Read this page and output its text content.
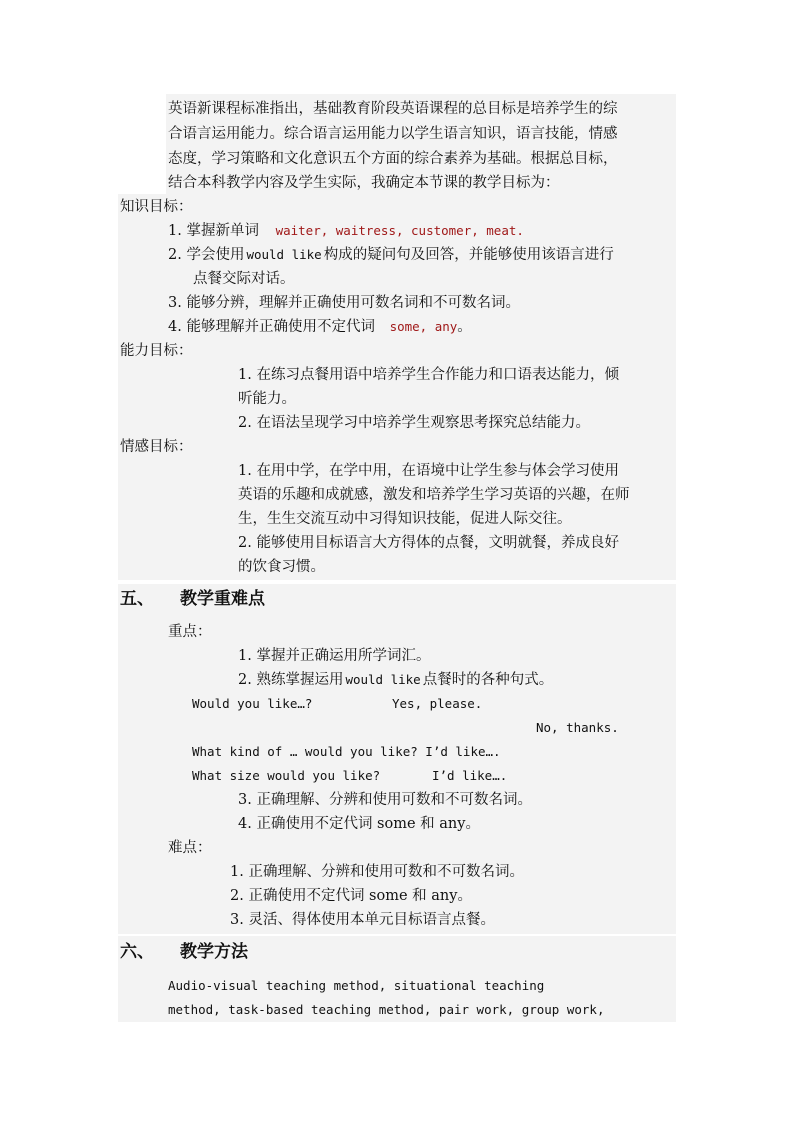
英语新课程标准指出，基础教育阶段英语课程的总目标是培养学生的综
合语言运用能力。综合语言运用能力以学生语言知识，语言技能，情感
态度，学习策略和文化意识五个方面的综合素养为基础。根据总目标，
结合本科教学内容及学生实际，我确定本节课的教学目标为：
知识目标：
1. 掌握新单词 waiter, waitress, customer, meat.
2. 学会使用 would like 构成的疑问句及回答，并能够使用该语言进行
点餐交际对话。
3. 能够分辨，理解并正确使用可数名词和不可数名词。
4. 能够理解并正确使用不定代词 some, any。
能力目标：
1. 在练习点餐用语中培养学生合作能力和口语表达能力，倾
听能力。
2. 在语法呈现学习中培养学生观察思考探究总结能力。
情感目标：
1. 在用中学，在学中用，在语境中让学生参与体会学习使用
英语的乐趣和成就感，激发和培养学生学习英语的兴趣，在师
生，生生交流互动中习得知识技能，促进人际交往。
2. 能够使用目标语言大方得体的点餐，文明就餐，养成良好
的饮食习惯。
五、 教学重难点
重点：
1. 掌握并正确运用所学词汇。
2. 熟练掌握运用 would like 点餐时的各种句式。
Would you like…?	Yes, please.
No, thanks.
What kind of … would you like? I’d like….
What size would you like?	I’d like….
3. 正确理解、分辨和使用可数和不可数名词。
4. 正确使用不定代词 some 和 any。
难点：
1. 正确理解、分辨和使用可数和不可数名词。
2. 正确使用不定代词 some 和 any。
3. 灵活、得体使用本单元目标语言点餐。
六、 教学方法
Audio-visual teaching method, situational teaching
method, task-based teaching method, pair work, group work,
